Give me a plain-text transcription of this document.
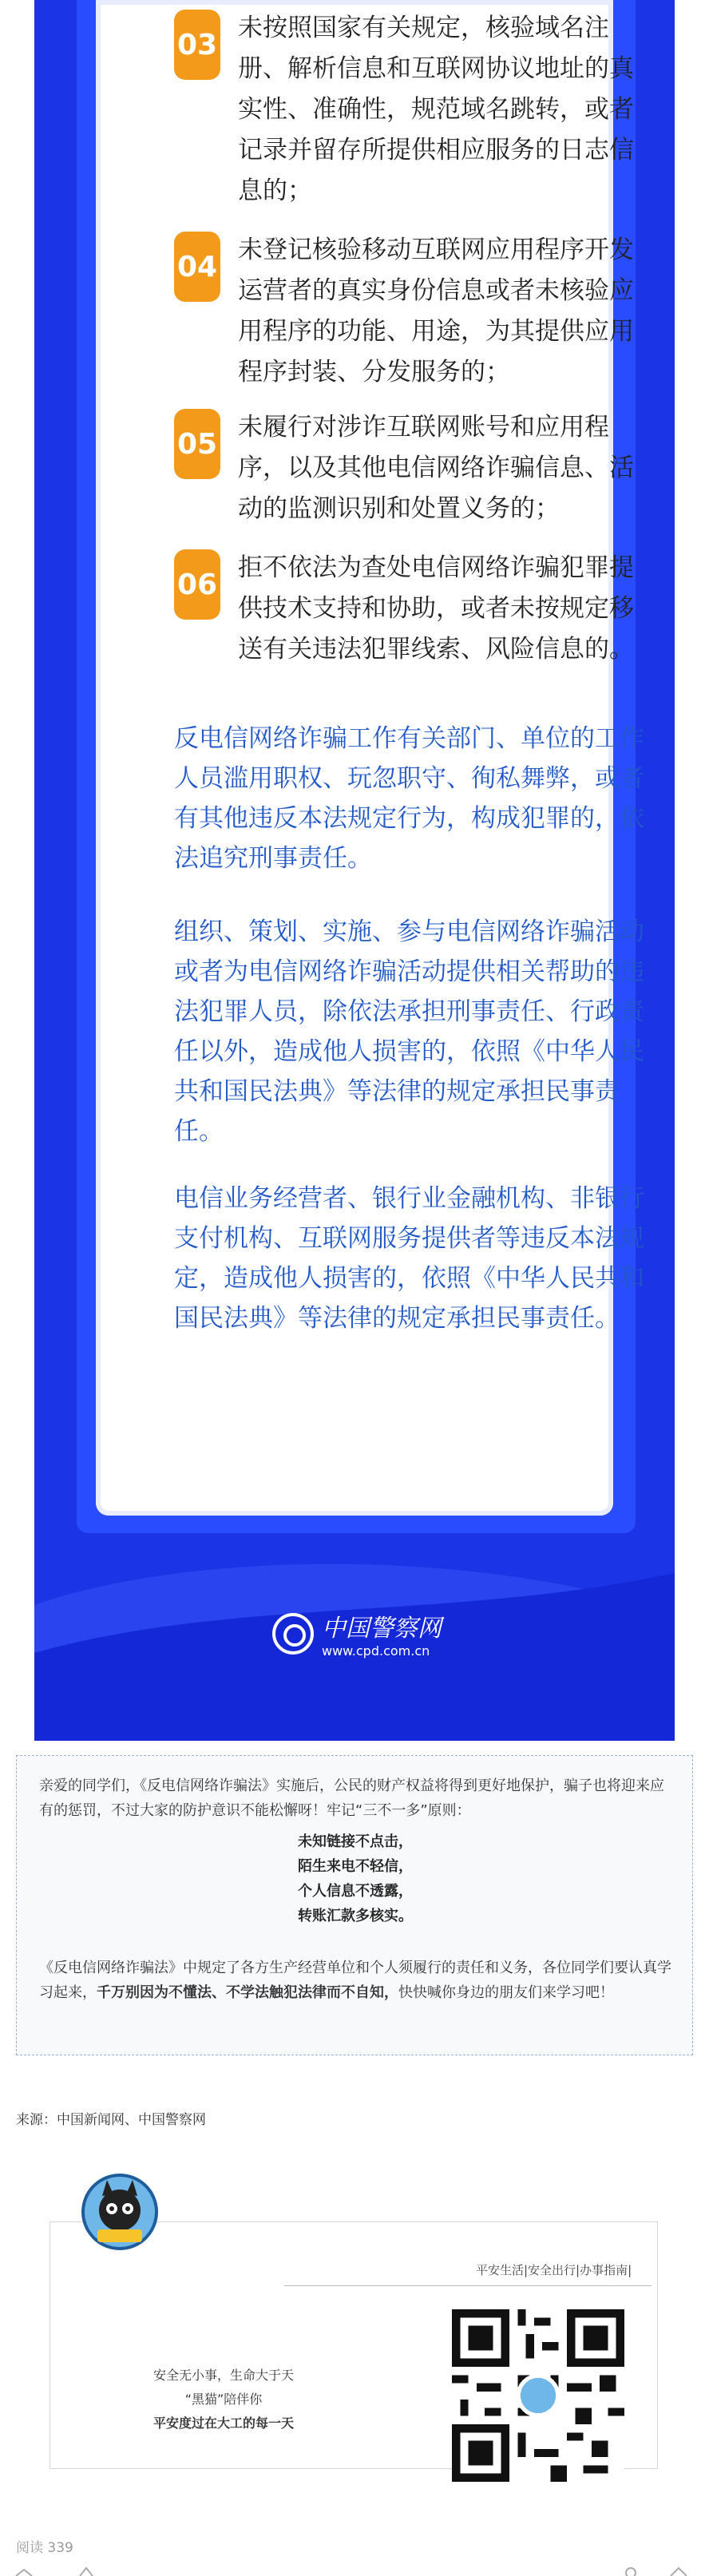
03
未按照国家有关规定，核验域名注册、解析信息和互联网协议地址的真实性、准确性，规范域名跳转，或者记录并留存所提供相应服务的日志信息的；
04
未登记核验移动互联网应用程序开发运营者的真实身份信息或者未核验应用程序的功能、用途，为其提供应用程序封装、分发服务的；
05
未履行对涉诈互联网账号和应用程序，以及其他电信网络诈骗信息、活动的监测识别和处置义务的；
06
拒不依法为查处电信网络诈骗犯罪提供技术支持和协助，或者未按规定移送有关违法犯罪线索、风险信息的。
反电信网络诈骗工作有关部门、单位的工作人员滥用职权、玩忽职守、徇私舞弊，或者有其他违反本法规定行为，构成犯罪的，依法追究刑事责任。
组织、策划、实施、参与电信网络诈骗活动或者为电信网络诈骗活动提供相关帮助的违法犯罪人员，除依法承担刑事责任、行政责任以外，造成他人损害的，依照《中华人民共和国民法典》等法律的规定承担民事责任。
电信业务经营者、银行业金融机构、非银行支付机构、互联网服务提供者等违反本法规定，造成他人损害的，依照《中华人民共和国民法典》等法律的规定承担民事责任。
中国警察网
www.cpd.com.cn

亲爱的同学们，《反电信网络诈骗法》实施后，公民的财产权益将得到更好地保护，骗子也将迎来应有的惩罚，不过大家的防护意识不能松懈呀！牢记“三不一多”原则：

未知链接不点击，
陌生来电不轻信，
个人信息不透露，
转账汇款多核实。

《反电信网络诈骗法》中规定了各方生产经营单位和个人须履行的责任和义务，各位同学们要认真学习起来，千万别因为不懂法、不学法触犯法律而不自知，快快喊你身边的朋友们来学习吧！

来源：中国新闻网、中国警察网
平安生活|安全出行|办事指南|
安全无小事，生命大于天
“黑猫”陪伴你
平安度过在大工的每一天
阅读 339
